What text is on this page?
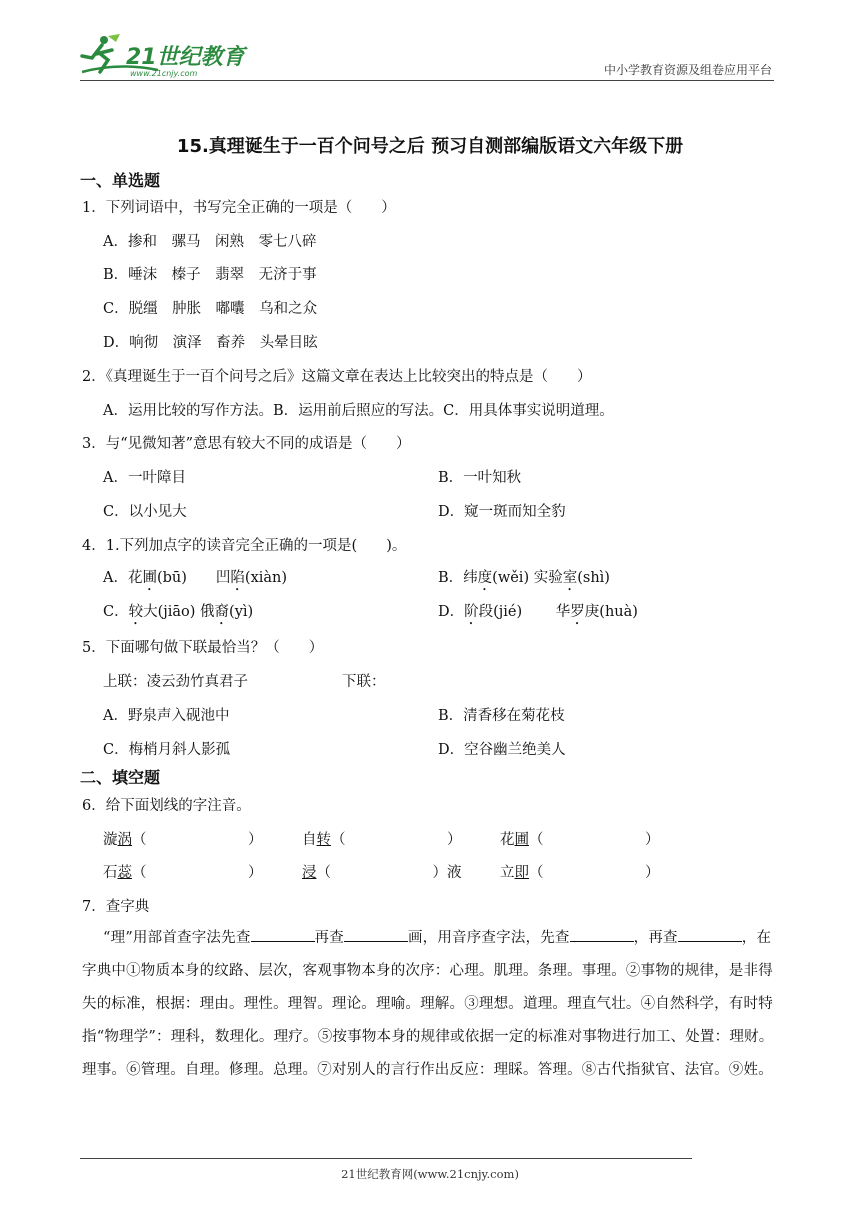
21世纪教育
www.21cnjy.com	中小学教育资源及组卷应用平台
15.真理诞生于一百个问号之后 预习自测部编版语文六年级下册
一、单选题
1．下列词语中，书写完全正确的一项是（　　）
A．掺和　骡马　闲熟　零七八碎
B．唾沫　榛子　翡翠　无济于事
C．脱缰　肿胀　嘟囔　乌和之众
D．响彻　演泽　畜养　头晕目眩
2．《真理诞生于一百个问号之后》这篇文章在表达上比较突出的特点是（　　）
A．运用比较的写作方法。B．运用前后照应的写法。C．用具体事实说明道理。
3．与“见微知著”意思有较大不同的成语是（　　）
A．一叶障目	B．一叶知秋
C．以小见大	D．窥一斑而知全豹
4．1.下列加点字的读音完全正确的一项是(　　)。
A．花圃(bū)　　凹陷(xiàn)	B．纬度(wěi) 实验室(shì)
C．较大(jiāo) 俄裔(yì)	D．阶段(jié)　　 华罗庚(huà)
5．下面哪句做下联最恰当？（　　）
上联：凌云劲竹真君子	下联：
A．野泉声入砚池中	B．清香移在菊花枝
C．梅梢月斜人影孤	D．空谷幽兰绝美人
二、填空题
6．给下面划线的字注音。
漩涡（　　　　　　　）	自转（　　　　　　　）	花圃（　　　　　　　）
石蕊（　　　　　　　）	浸（　　　　　　　）液	立即（　　　　　　　）
7．查字典
“理”用部首查字法先查	再查	画，用音序查字法，先查	，再查	，在字典中①物质本身的纹路、层次，客观事物本身的次序：心理。肌理。条理。事理。②事物的规律，是非得失的标准，根据：理由。理性。理智。理论。理喻。理解。③理想。道理。理直气壮。④自然科学，有时特指“物理学”：理科，数理化。理疗。⑤按事物本身的规律或依据一定的标准对事物进行加工、处置：理财。理事。⑥管理。自理。修理。总理。⑦对别人的言行作出反应：理睬。答理。⑧古代指狱官、法官。⑨姓。
21世纪教育网(www.21cnjy.com)
